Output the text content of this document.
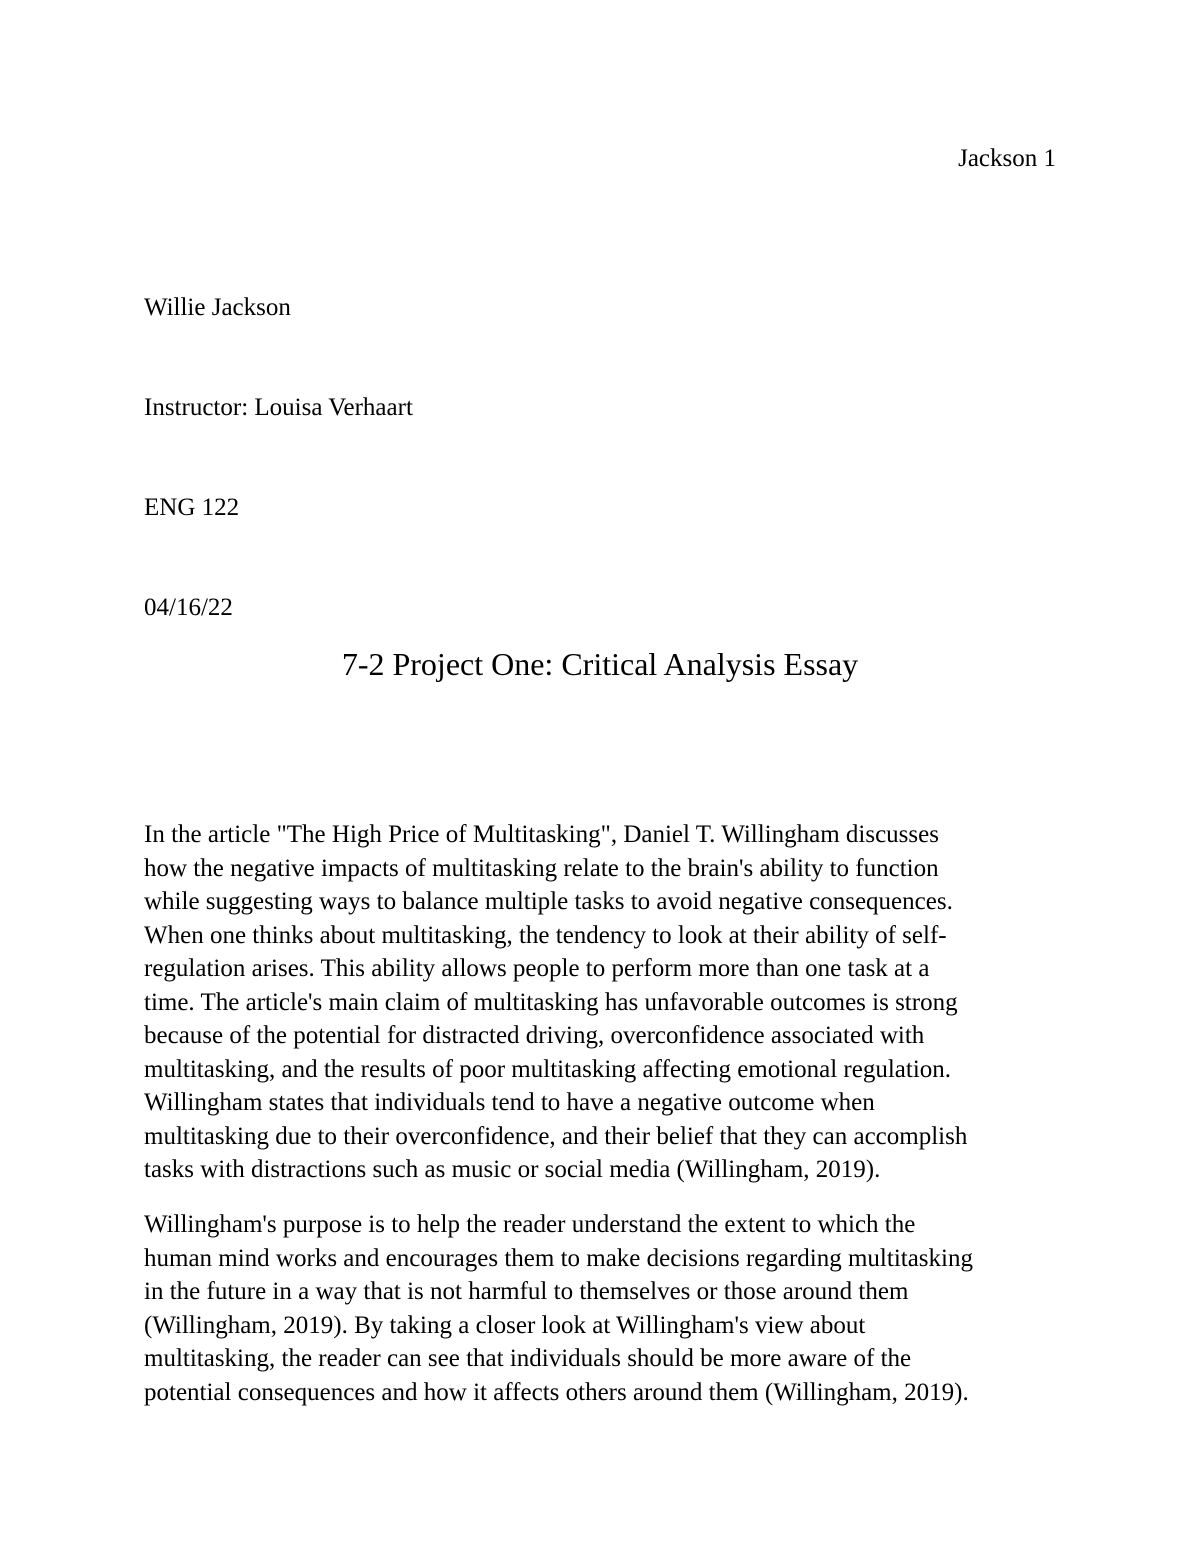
Jackson 1
Willie Jackson
Instructor: Louisa Verhaart
ENG 122
04/16/22
7-2 Project One: Critical Analysis Essay
In the article "The High Price of Multitasking", Daniel T. Willingham discusses
how the negative impacts of multitasking relate to the brain's ability to function
while suggesting ways to balance multiple tasks to avoid negative consequences.
When one thinks about multitasking, the tendency to look at their ability of self-
regulation arises. This ability allows people to perform more than one task at a
time. The article's main claim of multitasking has unfavorable outcomes is strong
because of the potential for distracted driving, overconfidence associated with
multitasking, and the results of poor multitasking affecting emotional regulation.
Willingham states that individuals tend to have a negative outcome when
multitasking due to their overconfidence, and their belief that they can accomplish
tasks with distractions such as music or social media (Willingham, 2019).
Willingham's purpose is to help the reader understand the extent to which the
human mind works and encourages them to make decisions regarding multitasking
in the future in a way that is not harmful to themselves or those around them
(Willingham, 2019). By taking a closer look at Willingham's view about
multitasking, the reader can see that individuals should be more aware of the
potential consequences and how it affects others around them (Willingham, 2019).
